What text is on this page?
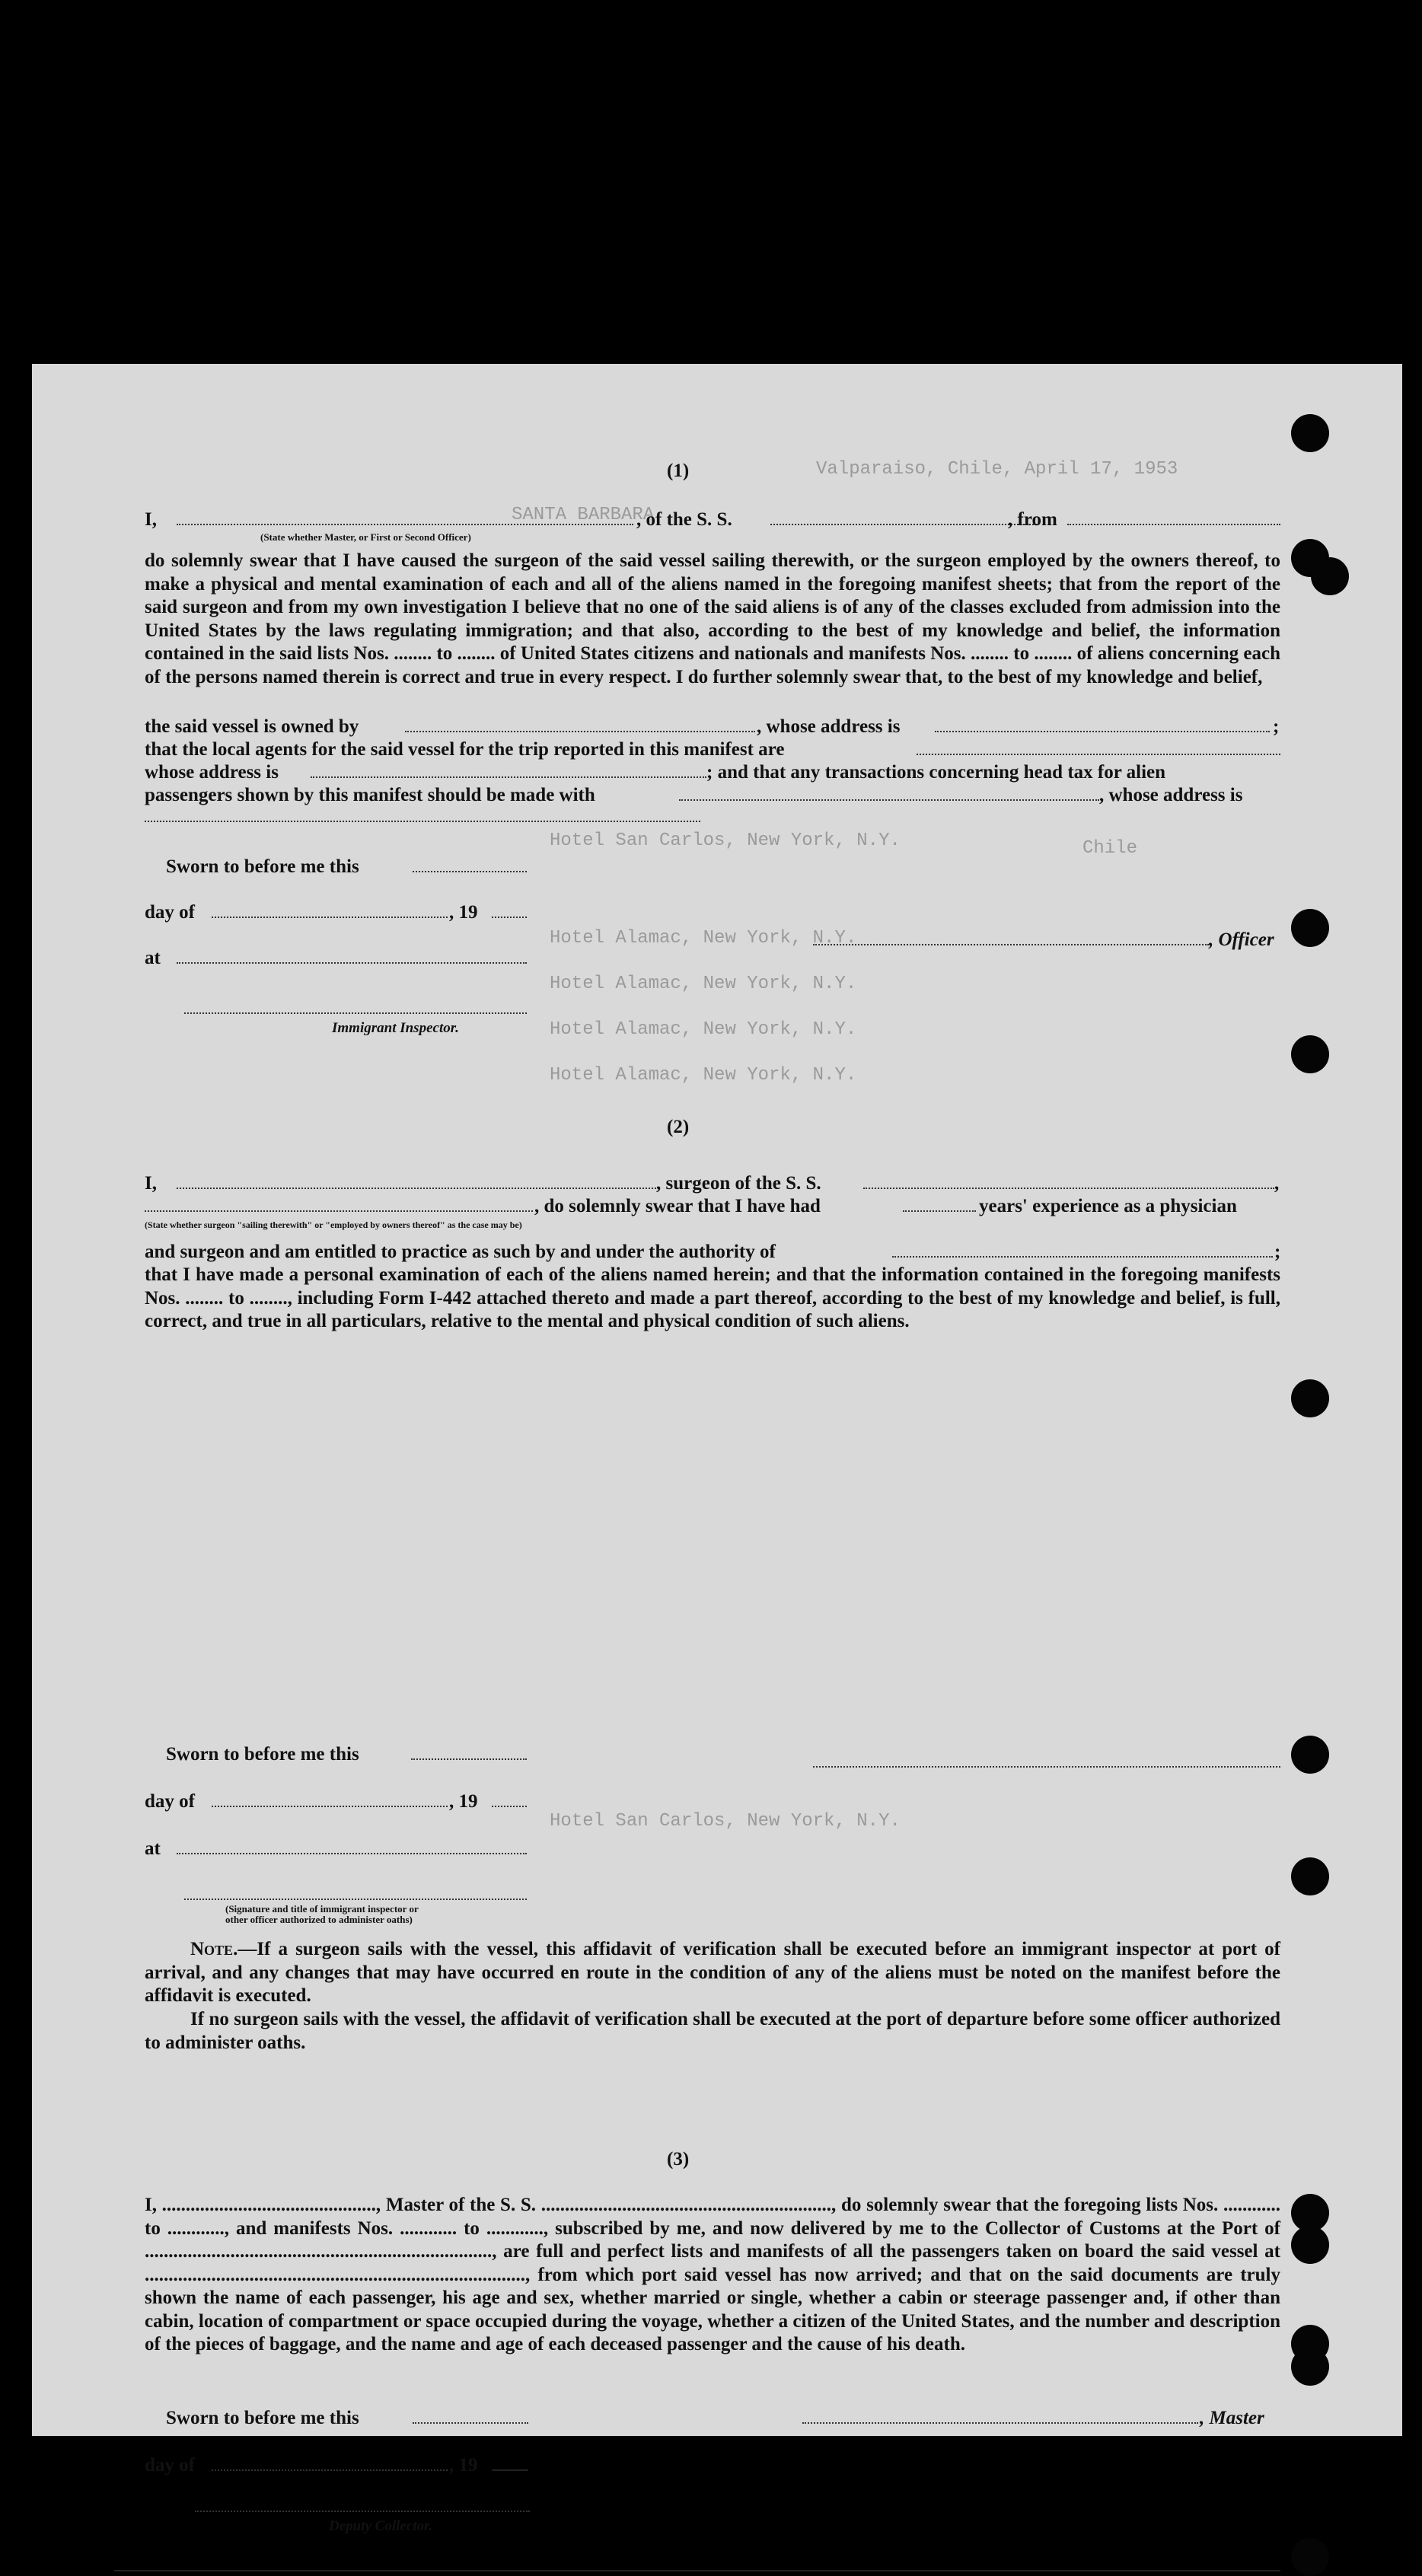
Valparaiso, Chile, April 17, 1953
SANTA BARBARA
Hotel San Carlos, New York, N.Y.	Chile
Hotel Alamac, New York, N.Y.
Hotel Alamac, New York, N.Y.
Hotel Alamac, New York, N.Y.
Hotel Alamac, New York, N.Y.
Hotel San Carlos, New York, N.Y.
(1)
I,	, of the S. S.	, from
(State whether Master, or First or Second Officer)
do solemnly swear that I have caused the surgeon of the said vessel sailing therewith, or the surgeon employed by the owners thereof, to make a physical and mental examination of each and all of the aliens named in the foregoing manifest sheets; that from the report of the said surgeon and from my own investigation I believe that no one of the said aliens is of any of the classes excluded from admission into the United States by the laws regulating immigration; and that also, according to the best of my knowledge and belief, the information contained in the said lists Nos. ........ to ........ of United States citizens and nationals and manifests Nos. ........ to ........ of aliens concerning each of the persons named therein is correct and true in every respect. I do further solemnly swear that, to the best of my knowledge and belief,
the said vessel is owned by	, whose address is	;
that the local agents for the said vessel for the trip reported in this manifest are
whose address is	; and that any transactions concerning head tax for alien
passengers shown by this manifest should be made with	, whose address is
Sworn to before me this
day of	, 19
, Officer
at
Immigrant Inspector.
(2)
I,	, surgeon of the S. S.	,
, do solemnly swear that I have had	years' experience as a physician
(State whether surgeon "sailing therewith" or "employed by owners thereof" as the case may be)
and surgeon and am entitled to practice as such by and under the authority of	;
that I have made a personal examination of each of the aliens named herein; and that the information contained in the foregoing manifests Nos. ........ to ........, including Form I-442 attached thereto and made a part thereof, according to the best of my knowledge and belief, is full, correct, and true in all particulars, relative to the mental and physical condition of such aliens.
Sworn to before me this
day of	, 19
at
(Signature and title of immigrant inspector or
other officer authorized to administer oaths)
Note.—If a surgeon sails with the vessel, this affidavit of verification shall be executed before an immigrant inspector at port of arrival, and any changes that may have occurred en route in the condition of any of the aliens must be noted on the manifest before the affidavit is executed.
If no surgeon sails with the vessel, the affidavit of verification shall be executed at the port of departure before some officer authorized to administer oaths.
(3)
I, ............................................., Master of the S. S. ............................................................., do solemnly swear that the foregoing lists Nos. ............ to ............, and manifests Nos. ............ to ............, subscribed by me, and now delivered by me to the Collector of Customs at the Port of ........................................................................., are full and perfect lists and manifests of all the passengers taken on board the said vessel at ................................................................................, from which port said vessel has now arrived; and that on the said documents are truly shown the name of each passenger, his age and sex, whether married or single, whether a cabin or steerage passenger and, if other than cabin, location of compartment or space occupied during the voyage, whether a citizen of the United States, and the number and description of the pieces of baggage, and the name and age of each deceased passenger and the cause of his death.
Sworn to before me this	, Master
day of	, 19
Deputy Collector.
